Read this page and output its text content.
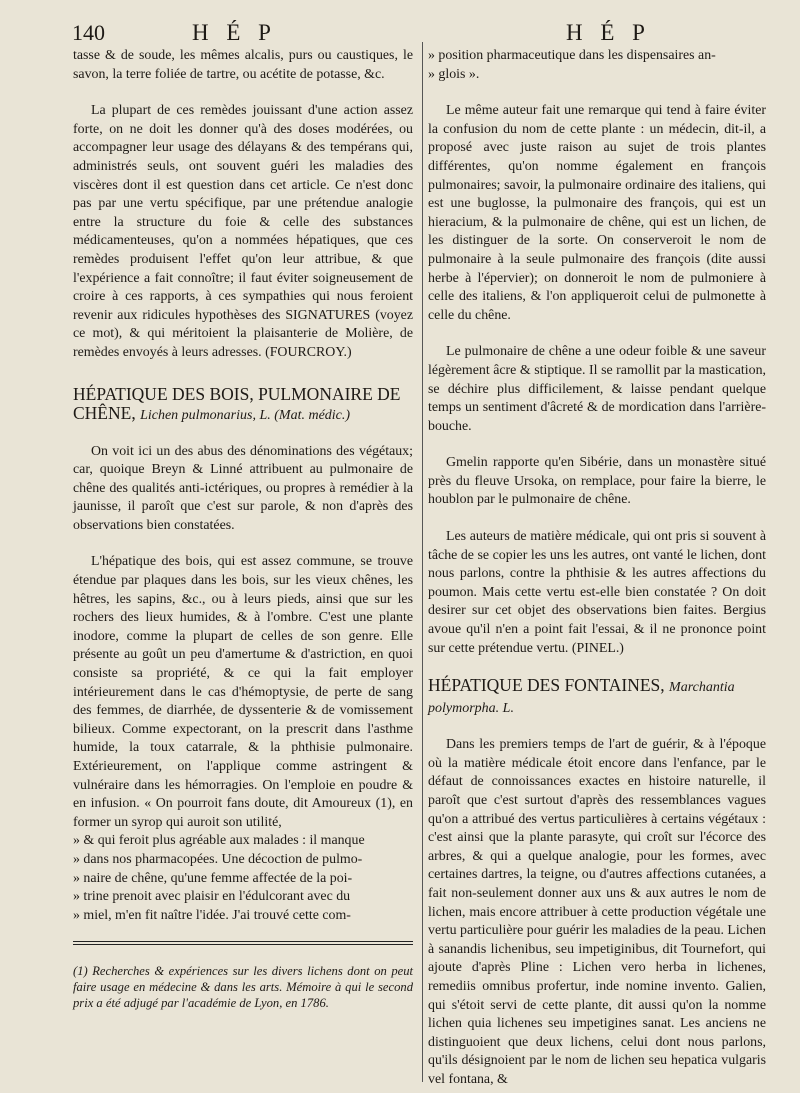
140	H É P	H É P

tasse & de soude, les mêmes alcalis, purs ou caustiques, le savon, la terre foliée de tartre, ou acétite de potasse, &c.

La plupart de ces remèdes jouissant d'une action assez forte, on ne doit les donner qu'à des doses modérées, ou accompagner leur usage des délayans & des tempérans qui, administrés seuls, ont souvent guéri les maladies des viscères dont il est question dans cet article. Ce n'est donc pas par une vertu spécifique, par une prétendue analogie entre la structure du foie & celle des substances médicamenteuses, qu'on a nommées hépatiques, que ces remèdes produisent l'effet qu'on leur attribue, & que l'expérience a fait connoître; il faut éviter soigneusement de croire à ces rapports, à ces sympathies qui nous feroient revenir aux ridicules hypothèses des SIGNATURES (voyez ce mot), & qui méritoient la plaisanterie de Molière, de remèdes envoyés à leurs adresses. (FOURCROY.)

HÉPATIQUE DES BOIS, PULMONAIRE DE CHÊNE, Lichen pulmonarius, L. (Mat. médic.)

On voit ici un des abus des dénominations des végétaux; car, quoique Breyn & Linné attribuent au pulmonaire de chêne des qualités anti-ictériques, ou propres à remédier à la jaunisse, il paroît que c'est sur parole, & non d'après des observations bien constatées.

L'hépatique des bois, qui est assez commune, se trouve étendue par plaques dans les bois, sur les vieux chênes, les hêtres, les sapins, &c., ou à leurs pieds, ainsi que sur les rochers des lieux humides, & à l'ombre. C'est une plante inodore, comme la plupart de celles de son genre. Elle présente au goût un peu d'amertume & d'astriction, en quoi consiste sa propriété, & ce qui la fait employer intérieurement dans le cas d'hémoptysie, de perte de sang des femmes, de diarrhée, de dyssenterie & de vomissement bilieux. Comme expectorant, on la prescrit dans l'asthme humide, la toux catarrale, & la phthisie pulmonaire. Extérieurement, on l'applique comme astringent & vulnéraire dans les hémorragies. On l'emploie en poudre & en infusion. « On pourroit fans doute, dit Amoureux (1), en former un syrop qui auroit son utilité,

» & qui feroit plus agréable aux malades : il manque
» dans nos pharmacopées. Une décoction de pulmo-
» naire de chêne, qu'une femme affectée de la poi-
» trine prenoit avec plaisir en l'édulcorant avec du
» miel, m'en fit naître l'idée. J'ai trouvé cette com-

(1) Recherches & expériences sur les divers lichens dont on peut faire usage en médecine & dans les arts. Mémoire à qui le second prix a été adjugé par l'académie de Lyon, en 1786.

» position pharmaceutique dans les dispensaires an-
» glois ».

Le même auteur fait une remarque qui tend à faire éviter la confusion du nom de cette plante : un médecin, dit-il, a proposé avec juste raison au sujet de trois plantes différentes, qu'on nomme également en françois pulmonaires; savoir, la pulmonaire ordinaire des italiens, qui est une buglosse, la pulmonaire des françois, qui est un hieracium, & la pulmonaire de chêne, qui est un lichen, de les distinguer de la sorte. On conserveroit le nom de pulmonaire à la seule pulmonaire des françois (dite aussi herbe à l'épervier); on donneroit le nom de pulmoniere à celle des italiens, & l'on appliqueroit celui de pulmonette à celle du chêne.

Le pulmonaire de chêne a une odeur foible & une saveur légèrement âcre & stiptique. Il se ramollit par la mastication, se déchire plus difficilement, & laisse pendant quelque temps un sentiment d'âcreté & de mordication dans l'arrière-bouche.

Gmelin rapporte qu'en Sibérie, dans un monastère situé près du fleuve Ursoka, on remplace, pour faire la bierre, le houblon par le pulmonaire de chêne.

Les auteurs de matière médicale, qui ont pris si souvent à tâche de se copier les uns les autres, ont vanté le lichen, dont nous parlons, contre la phthisie & les autres affections du poumon. Mais cette vertu est-elle bien constatée ? On doit desirer sur cet objet des observations bien faites. Bergius avoue qu'il n'en a point fait l'essai, & il ne prononce point sur cette prétendue vertu. (PINEL.)

HÉPATIQUE DES FONTAINES, Marchantia polymorpha. L.

Dans les premiers temps de l'art de guérir, & à l'époque où la matière médicale étoit encore dans l'enfance, par le défaut de connoissances exactes en histoire naturelle, il paroît que c'est surtout d'après des ressemblances vagues qu'on a attribué des vertus particulières à certains végétaux : c'est ainsi que la plante parasyte, qui croît sur l'écorce des arbres, & qui a quelque analogie, pour les formes, avec certaines dartres, la teigne, ou d'autres affections cutanées, a fait non-seulement donner aux uns & aux autres le nom de lichen, mais encore attribuer à cette production végétale une vertu particulière pour guérir les maladies de la peau. Lichen à sanandis lichenibus, seu impetiginibus, dit Tournefort, qui ajoute d'après Pline : Lichen vero herba in lichenes, remediis omnibus profertur, inde nomine invento. Galien, qui s'étoit servi de cette plante, dit aussi qu'on la nomme lichen quia lichenes seu impetigines sanat. Les anciens ne distinguoient que deux lichens, celui dont nous parlons, qu'ils désignoient par le nom de lichen seu hepatica vulgaris vel fontana, &
